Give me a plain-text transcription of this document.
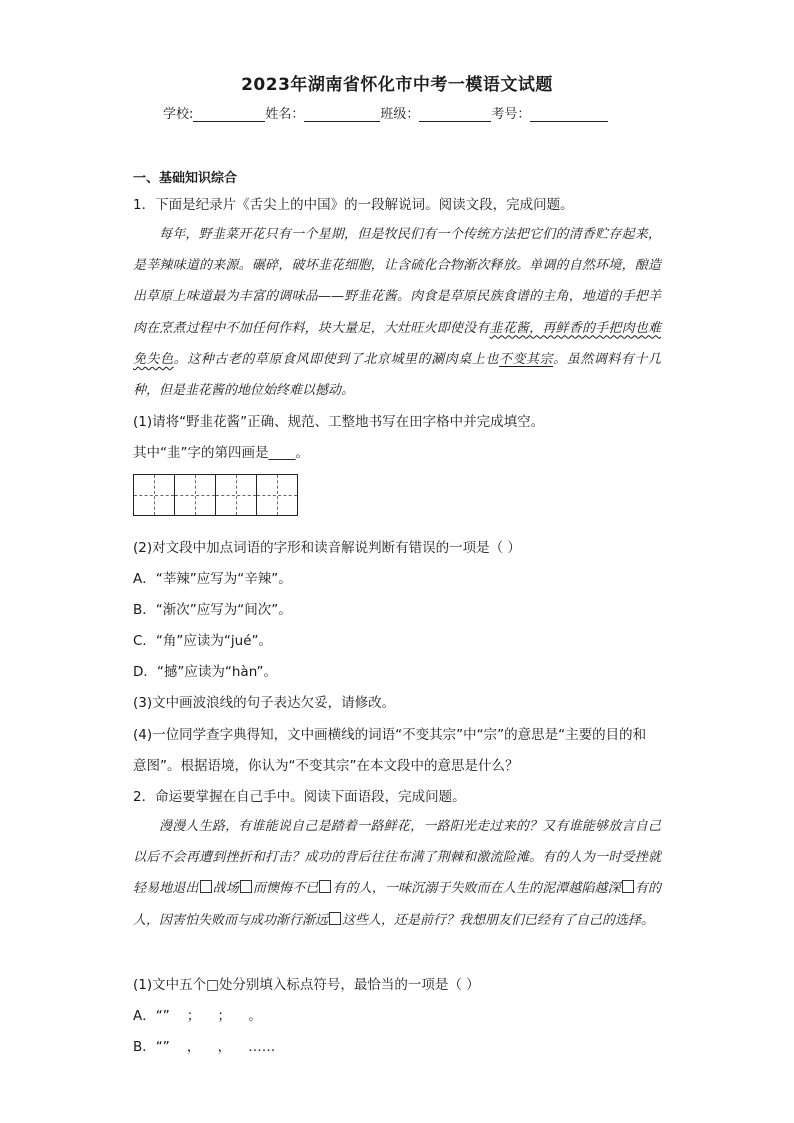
2023年湖南省怀化市中考一模语文试题
学校:	姓名：	班级：	考号：
一、基础知识综合
1．下面是纪录片《舌尖上的中国》的一段解说词。阅读文段，完成问题。

每年，野韭菜开花只有一个星期，但是牧民们有一个传统方法把它们的清香贮存起来，是莘辣味道的来源。碾碎，破坏韭花细胞，让含硫化合物渐次释放。单调的自然环境，酿造出草原上味道最为丰富的调味品——野韭花酱。肉食是草原民族食谱的主角，地道的手把羊肉在烹煮过程中不加任何作料，块大量足，大灶旺火即使没有韭花酱，再鲜香的手把肉也难免失色。这种古老的草原食风即使到了北京城里的涮肉桌上也不变其宗。虽然调料有十几种，但是韭花酱的地位始终难以撼动。

(1)请将“野韭花酱”正确、规范、工整地书写在田字格中并完成填空。
其中“韭”字的第四画是____。
(2)对文段中加点词语的字形和读音解说判断有错误的一项是（ ）
A．“莘辣”应写为“辛辣”。
B．“渐次”应写为“间次”。
C．“角”应读为“jué”。
D．“撼”应读为“hàn”。
(3)文中画波浪线的句子表达欠妥，请修改。
(4)一位同学查字典得知，文中画横线的词语“不变其宗”中“宗”的意思是“主要的目的和
意图”。根据语境，你认为“不变其宗”在本文段中的意思是什么？
2．命运要掌握在自己手中。阅读下面语段，完成问题。

漫漫人生路，有谁能说自己是踏着一路鲜花，一路阳光走过来的？又有谁能够放言自己以后不会再遭到挫折和打击？成功的背后往往布满了荆棘和激流险滩。有的人为一时受挫就轻易地退出 战场 而懊悔不已 有的人，一味沉溺于失败而在人生的泥潭越陷越深 有的人，因害怕失败而与成功渐行渐远 这些人，还是前行？我想朋友们已经有了自己的选择。

(1)文中五个□处分别填入标点符号，最恰当的一项是（ ）
A．“”    ；    ；    。
B．“”    ，    ，    ……
